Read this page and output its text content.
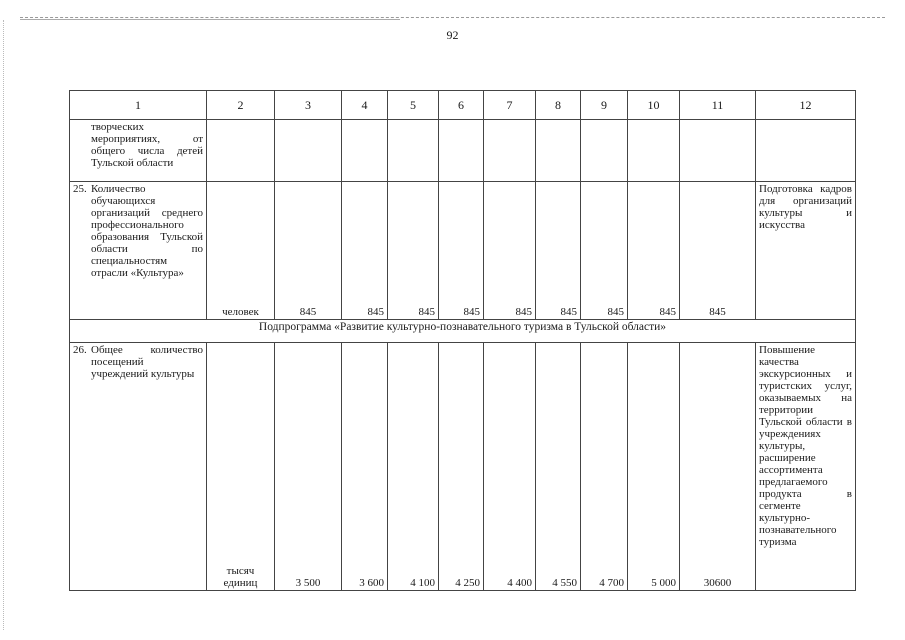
92
1	2	3	4	5	6	7	8	9	10	11	12

творческих мероприятиях, от общего числа детей Тульской области											

25. Количество обучающихся организаций среднего профессионального образования Тульской области по специальностям отрасли «Культура»	человек	845	845	845	845	845	845	845	845	845	Подготовка кадров для организаций культуры и искусства
Подпрограмма «Развитие культурно-познавательного туризма в Тульской области»											

26. Общее количество посещений учреждений культуры	тысяч единиц	3 500	3 600	4 100	4 250	4 400	4 550	4 700	5 000	30600	Повышение качества экскурсионных и туристских услуг, оказываемых на территории Тульской области в учреждениях культуры, расширение ассортимента предлагаемого продукта в сегменте культурно-познавательного туризма
